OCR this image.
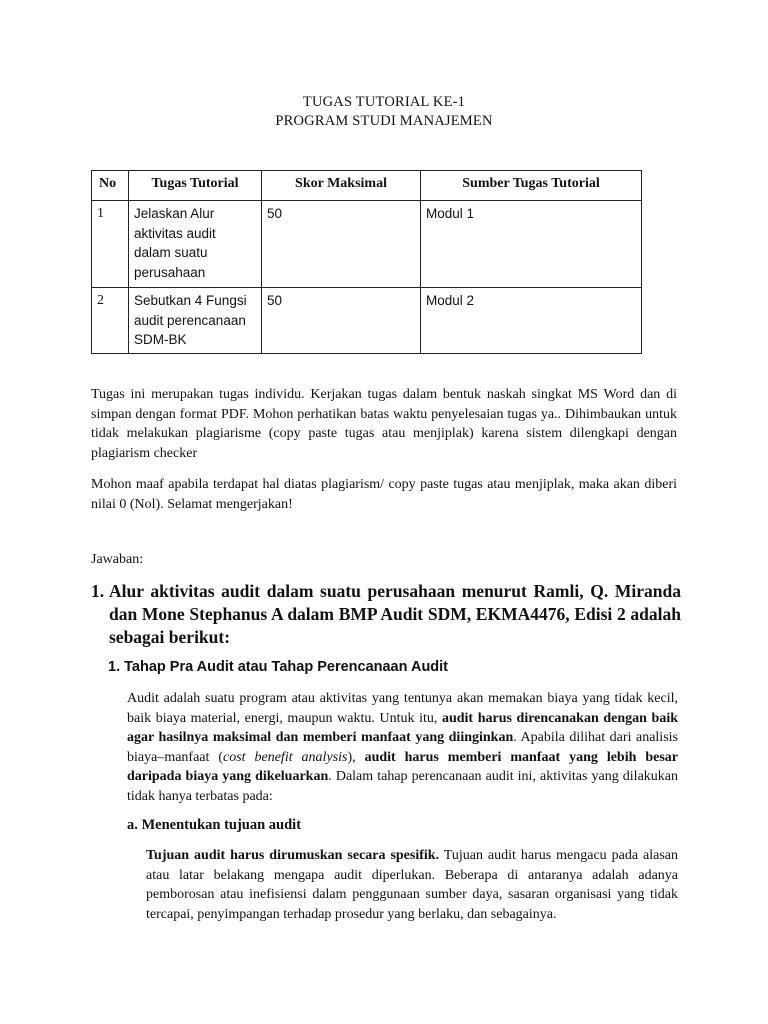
TUGAS TUTORIAL KE-1
PROGRAM STUDI MANAJEMEN
No	Tugas Tutorial	Skor Maksimal	Sumber Tugas Tutorial
1	Jelaskan Alur aktivitas audit dalam suatu perusahaan	50	Modul 1
2	Sebutkan 4 Fungsi audit perencanaan SDM-BK	50	Modul 2
Tugas ini merupakan tugas individu. Kerjakan tugas dalam bentuk naskah singkat MS Word dan di simpan dengan format PDF. Mohon perhatikan batas waktu penyelesaian tugas ya.. Dihimbaukan untuk tidak melakukan plagiarisme (copy paste tugas atau menjiplak) karena sistem dilengkapi dengan plagiarism checker
Mohon maaf apabila terdapat hal diatas plagiarism/ copy paste tugas atau menjiplak, maka akan diberi nilai 0 (Nol). Selamat mengerjakan!
Jawaban:
1. Alur aktivitas audit dalam suatu perusahaan menurut Ramli, Q. Miranda dan Mone Stephanus A dalam BMP Audit SDM, EKMA4476, Edisi 2 adalah sebagai berikut:
1. Tahap Pra Audit atau Tahap Perencanaan Audit
Audit adalah suatu program atau aktivitas yang tentunya akan memakan biaya yang tidak kecil, baik biaya material, energi, maupun waktu. Untuk itu, audit harus direncanakan dengan baik agar hasilnya maksimal dan memberi manfaat yang diinginkan. Apabila dilihat dari analisis biaya–manfaat (cost benefit analysis), audit harus memberi manfaat yang lebih besar daripada biaya yang dikeluarkan. Dalam tahap perencanaan audit ini, aktivitas yang dilakukan tidak hanya terbatas pada:
a. Menentukan tujuan audit
Tujuan audit harus dirumuskan secara spesifik. Tujuan audit harus mengacu pada alasan atau latar belakang mengapa audit diperlukan. Beberapa di antaranya adalah adanya pemborosan atau inefisiensi dalam penggunaan sumber daya, sasaran organisasi yang tidak tercapai, penyimpangan terhadap prosedur yang berlaku, dan sebagainya.
